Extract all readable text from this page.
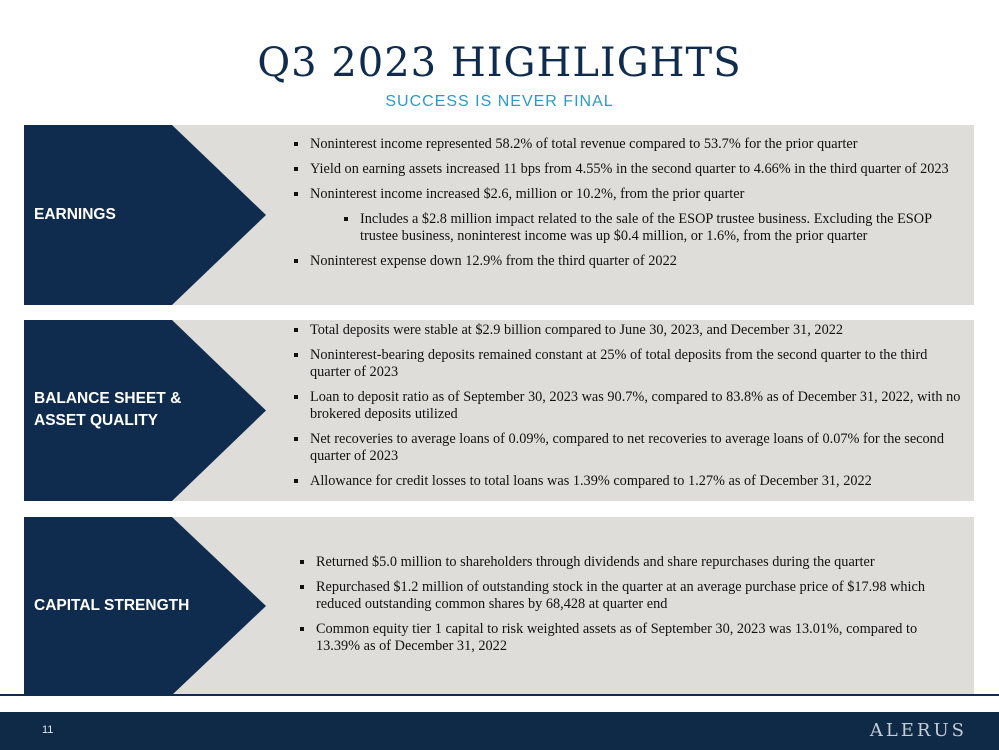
Q3 2023 HIGHLIGHTS
SUCCESS IS NEVER FINAL
EARNINGS
Noninterest income represented 58.2% of total revenue compared to 53.7% for the prior quarter
Yield on earning assets increased 11 bps from 4.55% in the second quarter to 4.66% in the third quarter of 2023
Noninterest income increased $2.6, million or 10.2%, from the prior quarter
Includes a $2.8 million impact related to the sale of the ESOP trustee business. Excluding the ESOP trustee business, noninterest income was up $0.4 million, or 1.6%, from the prior quarter
Noninterest expense down 12.9% from the third quarter of 2022
BALANCE SHEET &
ASSET QUALITY
Total deposits were stable at $2.9 billion compared to June 30, 2023, and December 31, 2022
Noninterest-bearing deposits remained constant at 25% of total deposits from the second quarter to the third quarter of 2023
Loan to deposit ratio as of September 30, 2023 was 90.7%, compared to 83.8% as of December 31, 2022, with no brokered deposits utilized
Net recoveries to average loans of 0.09%, compared to net recoveries to average loans of 0.07% for the second quarter of 2023
Allowance for credit losses to total loans was 1.39% compared to 1.27% as of December 31, 2022
CAPITAL STRENGTH
Returned $5.0 million to shareholders through dividends and share repurchases during the quarter
Repurchased $1.2 million of outstanding stock in the quarter at an average purchase price of $17.98 which reduced outstanding common shares by 68,428 at quarter end
Common equity tier 1 capital to risk weighted assets as of September 30, 2023 was 13.01%, compared to 13.39% as of December 31, 2022
11	ALERUS
